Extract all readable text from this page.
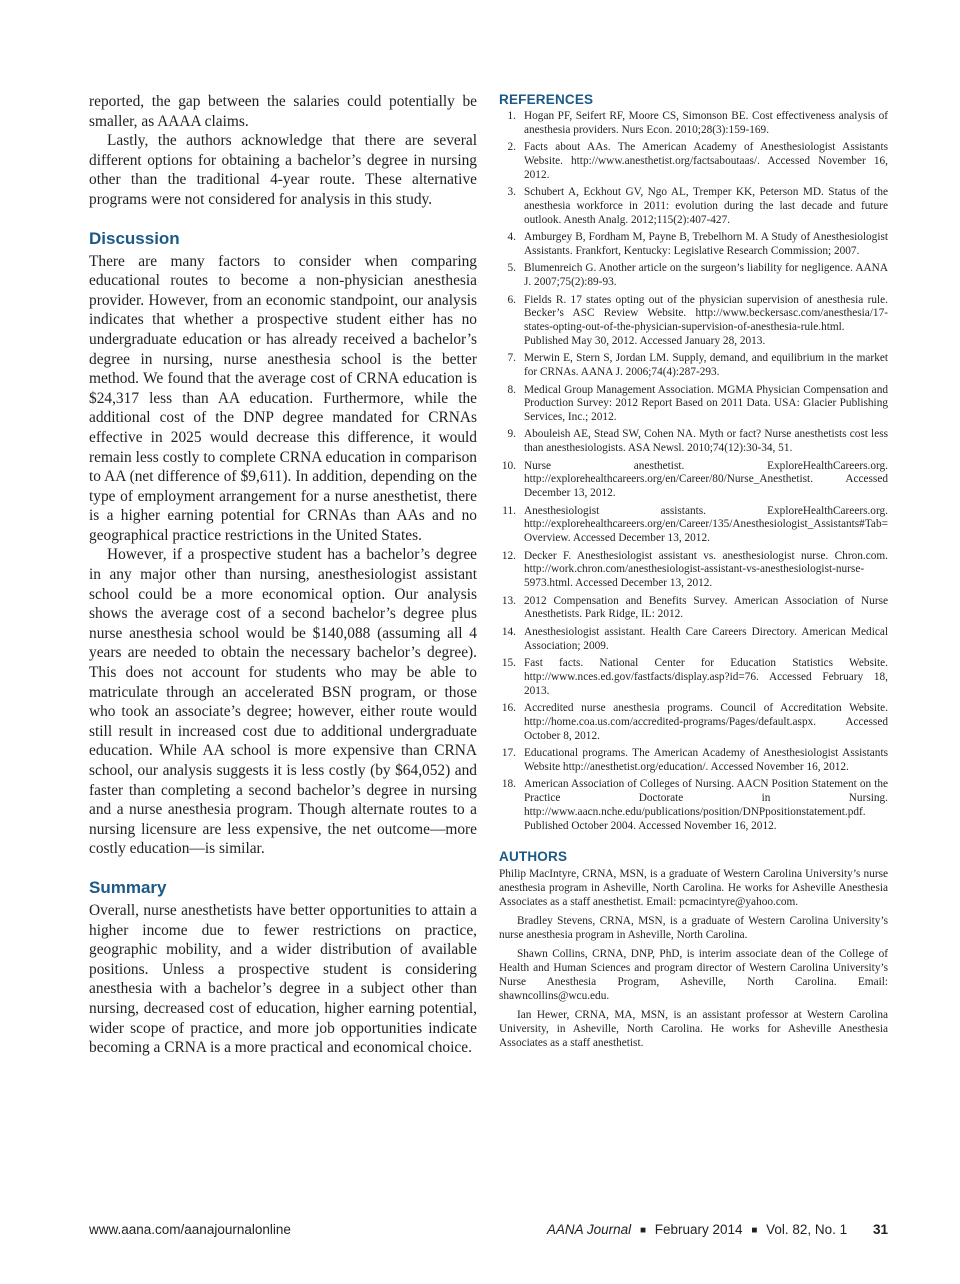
reported, the gap between the salaries could potentially be smaller, as AAAA claims.

Lastly, the authors acknowledge that there are several different options for obtaining a bachelor’s degree in nursing other than the traditional 4-year route. These alternative programs were not considered for analysis in this study.

Discussion

There are many factors to consider when comparing educational routes to become a non-physician anesthesia provider. However, from an economic standpoint, our analysis indicates that whether a prospective student either has no undergraduate education or has already received a bachelor’s degree in nursing, nurse anesthesia school is the better method. We found that the average cost of CRNA education is $24,317 less than AA education. Furthermore, while the additional cost of the DNP degree mandated for CRNAs effective in 2025 would decrease this difference, it would remain less costly to complete CRNA education in comparison to AA (net difference of $9,611). In addition, depending on the type of employment arrangement for a nurse anesthetist, there is a higher earning potential for CRNAs than AAs and no geographical practice restrictions in the United States.

However, if a prospective student has a bachelor’s degree in any major other than nursing, anesthesiologist assistant school could be a more economical option. Our analysis shows the average cost of a second bachelor’s degree plus nurse anesthesia school would be $140,088 (assuming all 4 years are needed to obtain the necessary bachelor’s degree). This does not account for students who may be able to matriculate through an accelerated BSN program, or those who took an associate’s degree; however, either route would still result in increased cost due to additional undergraduate education. While AA school is more expensive than CRNA school, our analysis suggests it is less costly (by $64,052) and faster than completing a second bachelor’s degree in nursing and a nurse anesthesia program. Though alternate routes to a nursing licensure are less expensive, the net outcome—more costly education—is similar.

Summary

Overall, nurse anesthetists have better opportunities to attain a higher income due to fewer restrictions on practice, geographic mobility, and a wider distribution of available positions. Unless a prospective student is considering anesthesia with a bachelor’s degree in a subject other than nursing, decreased cost of education, higher earning potential, wider scope of practice, and more job opportunities indicate becoming a CRNA is a more practical and economical choice.

REFERENCES
1. Hogan PF, Seifert RF, Moore CS, Simonson BE. Cost effectiveness analysis of anesthesia providers. Nurs Econ. 2010;28(3):159-169.
2. Facts about AAs. The American Academy of Anesthesiologist Assistants Website. http://www.anesthetist.org/factsaboutaas/. Accessed November 16, 2012.
3. Schubert A, Eckhout GV, Ngo AL, Tremper KK, Peterson MD. Status of the anesthesia workforce in 2011: evolution during the last decade and future outlook. Anesth Analg. 2012;115(2):407-427.
4. Amburgey B, Fordham M, Payne B, Trebelhorn M. A Study of Anesthesiologist Assistants. Frankfort, Kentucky: Legislative Research Commission; 2007.
5. Blumenreich G. Another article on the surgeon’s liability for negligence. AANA J. 2007;75(2):89-93.
6. Fields R. 17 states opting out of the physician supervision of anesthesia rule. Becker’s ASC Review Website. http://www.beckersasc.com/anesthesia/17-states-opting-out-of-the-physician-supervision-of-anesthesia-rule.html. Published May 30, 2012. Accessed January 28, 2013.
7. Merwin E, Stern S, Jordan LM. Supply, demand, and equilibrium in the market for CRNAs. AANA J. 2006;74(4):287-293.
8. Medical Group Management Association. MGMA Physician Compensation and Production Survey: 2012 Report Based on 2011 Data. USA: Glacier Publishing Services, Inc.; 2012.
9. Abouleish AE, Stead SW, Cohen NA. Myth or fact? Nurse anesthetists cost less than anesthesiologists. ASA Newsl. 2010;74(12):30-34, 51.
10. Nurse anesthetist. ExploreHealthCareers.org. http://explorehealthcareers.org/en/Career/80/Nurse_Anesthetist. Accessed December 13, 2012.
11. Anesthesiologist assistants. ExploreHealthCareers.org. http://explorehealthcareers.org/en/Career/135/Anesthesiologist_Assistants#Tab=Overview. Accessed December 13, 2012.
12. Decker F. Anesthesiologist assistant vs. anesthesiologist nurse. Chron.com. http://work.chron.com/anesthesiologist-assistant-vs-anesthesiologist-nurse-5973.html. Accessed December 13, 2012.
13. 2012 Compensation and Benefits Survey. American Association of Nurse Anesthetists. Park Ridge, IL: 2012.
14. Anesthesiologist assistant. Health Care Careers Directory. American Medical Association; 2009.
15. Fast facts. National Center for Education Statistics Website. http://www.nces.ed.gov/fastfacts/display.asp?id=76. Accessed February 18, 2013.
16. Accredited nurse anesthesia programs. Council of Accreditation Website. http://home.coa.us.com/accredited-programs/Pages/default.aspx. Accessed October 8, 2012.
17. Educational programs. The American Academy of Anesthesiologist Assistants Website http://anesthetist.org/education/. Accessed November 16, 2012.
18. American Association of Colleges of Nursing. AACN Position Statement on the Practice Doctorate in Nursing. http://www.aacn.nche.edu/publications/position/DNPpositionstatement.pdf. Published October 2004. Accessed November 16, 2012.
AUTHORS

Philip MacIntyre, CRNA, MSN, is a graduate of Western Carolina University’s nurse anesthesia program in Asheville, North Carolina. He works for Asheville Anesthesia Associates as a staff anesthetist. Email: pcmacintyre@yahoo.com.

Bradley Stevens, CRNA, MSN, is a graduate of Western Carolina University’s nurse anesthesia program in Asheville, North Carolina.

Shawn Collins, CRNA, DNP, PhD, is interim associate dean of the College of Health and Human Sciences and program director of Western Carolina University’s Nurse Anesthesia Program, Asheville, North Carolina. Email: shawncollins@wcu.edu.

Ian Hewer, CRNA, MA, MSN, is an assistant professor at Western Carolina University, in Asheville, North Carolina. He works for Asheville Anesthesia Associates as a staff anesthetist.

www.aana.com/aanajournalonline	AANA Journal ■ February 2014 ■ Vol. 82, No. 1 31
